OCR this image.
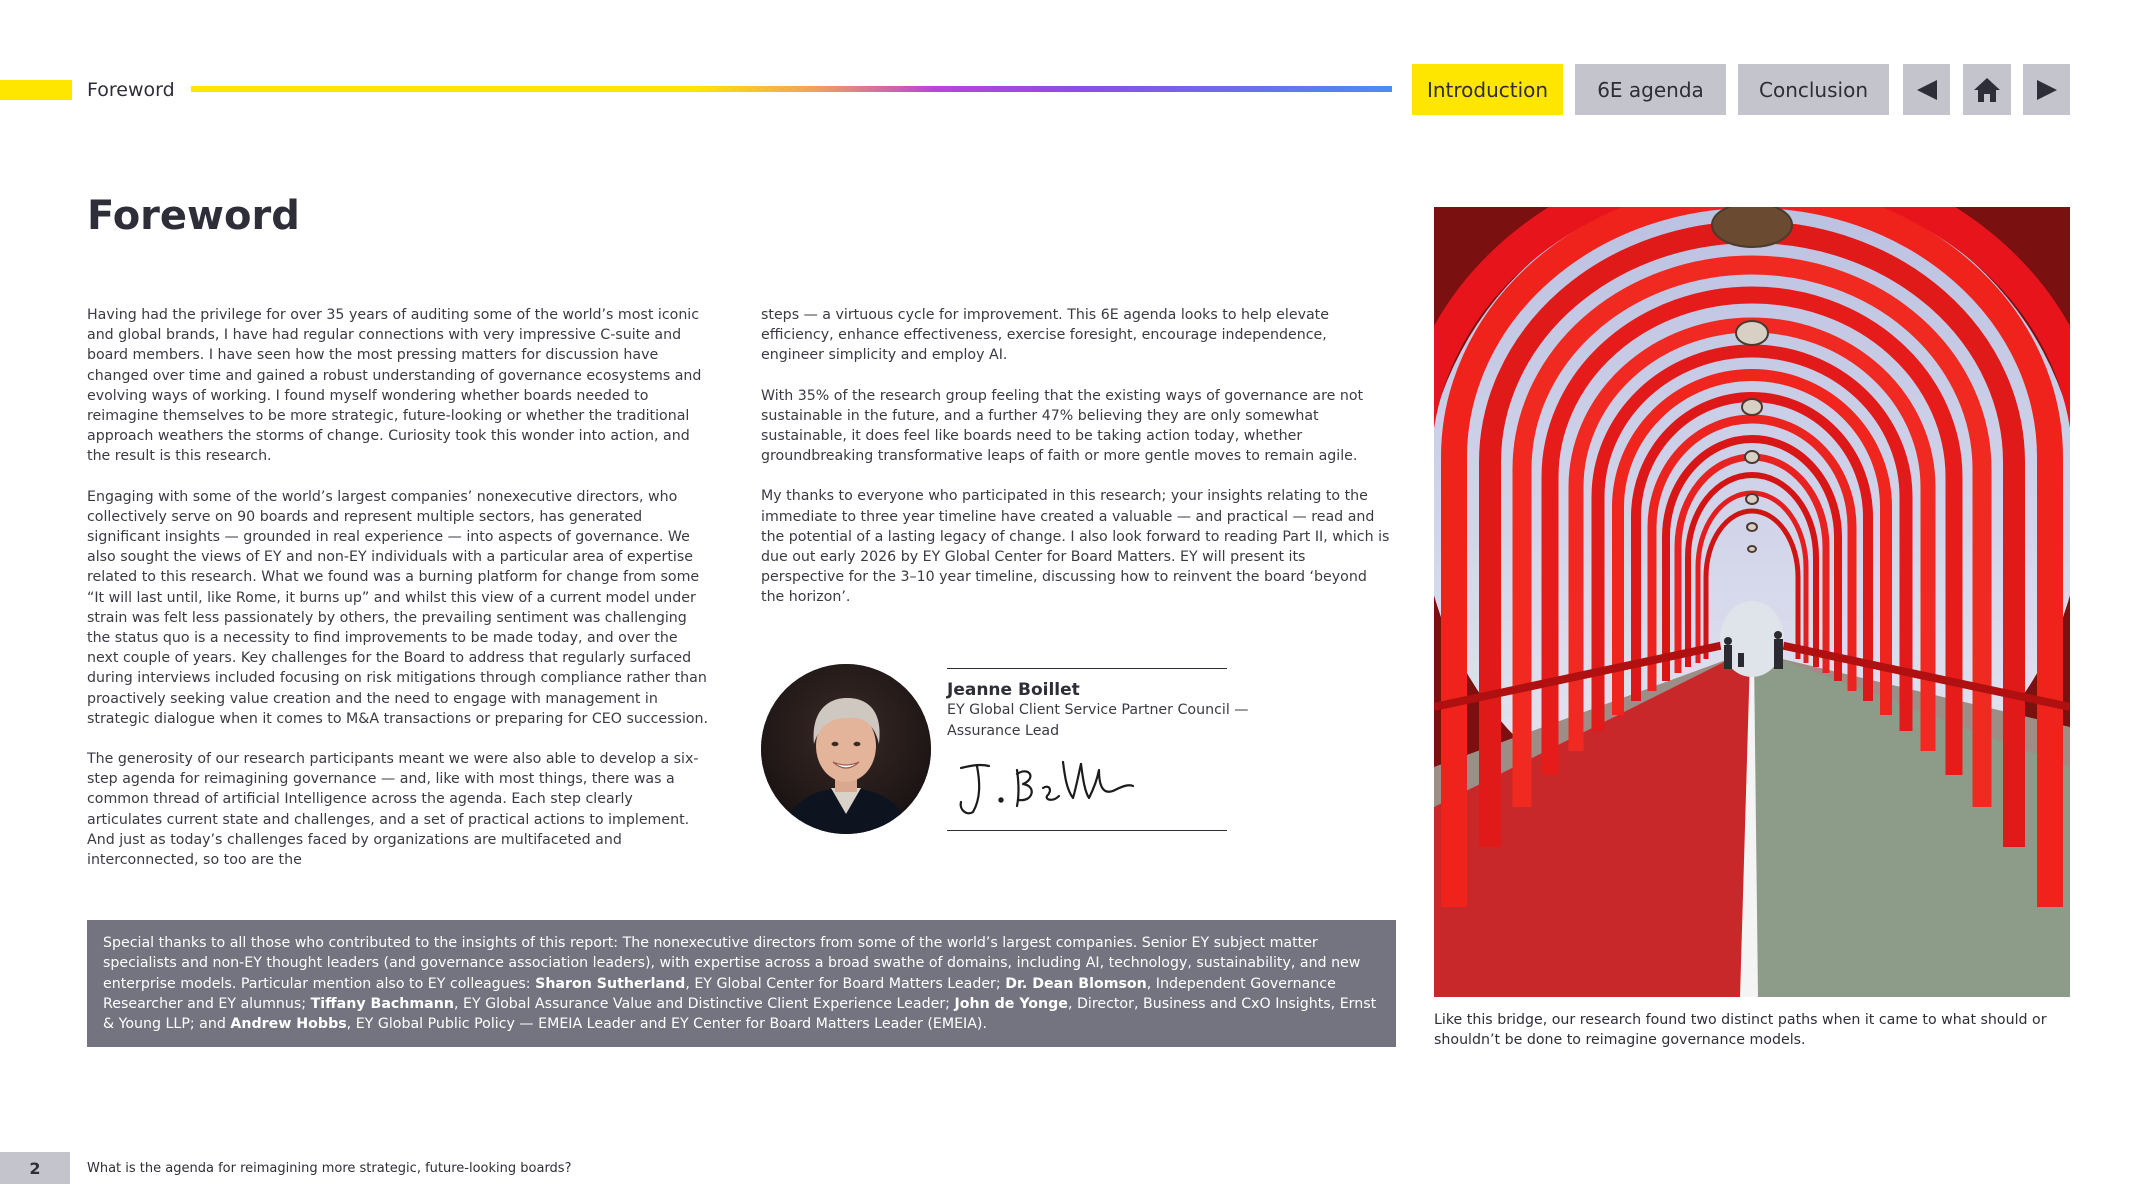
Foreword	Introduction	6E agenda	Conclusion
Foreword

Having had the privilege for over 35 years of auditing some of the world’s most iconic and global brands, I have had regular connections with very impressive C-suite and board members. I have seen how the most pressing matters for discussion have changed over time and gained a robust understanding of governance ecosystems and evolving ways of working. I found myself wondering whether boards needed to reimagine themselves to be more strategic, future-looking or whether the traditional approach weathers the storms of change. Curiosity took this wonder into action, and the result is this research.

Engaging with some of the world’s largest companies’ nonexecutive directors, who collectively serve on 90 boards and represent multiple sectors, has generated significant insights — grounded in real experience — into aspects of governance. We also sought the views of EY and non-EY individuals with a particular area of expertise related to this research. What we found was a burning platform for change from some “It will last until, like Rome, it burns up” and whilst this view of a current model under strain was felt less passionately by others, the prevailing sentiment was challenging the status quo is a necessity to find improvements to be made today, and over the next couple of years. Key challenges for the Board to address that regularly surfaced during interviews included focusing on risk mitigations through compliance rather than proactively seeking value creation and the need to engage with management in strategic dialogue when it comes to M&A transactions or preparing for CEO succession.

The generosity of our research participants meant we were also able to develop a six-step agenda for reimagining governance — and, like with most things, there was a common thread of artificial Intelligence across the agenda. Each step clearly articulates current state and challenges, and a set of practical actions to implement. And just as today’s challenges faced by organizations are multifaceted and interconnected, so too are the

steps — a virtuous cycle for improvement. This 6E agenda looks to help elevate efficiency, enhance effectiveness, exercise foresight, encourage independence, engineer simplicity and employ AI.

With 35% of the research group feeling that the existing ways of governance are not sustainable in the future, and a further 47% believing they are only somewhat sustainable, it does feel like boards need to be taking action today, whether groundbreaking transformative leaps of faith or more gentle moves to remain agile.

My thanks to everyone who participated in this research; your insights relating to the immediate to three year timeline have created a valuable — and practical — read and the potential of a lasting legacy of change. I also look forward to reading Part II, which is due out early 2026 by EY Global Center for Board Matters. EY will present its perspective for the 3–10 year timeline, discussing how to reinvent the board ‘beyond the horizon’.

Jeanne Boillet
EY Global Client Service Partner Council — Assurance Lead
Special thanks to all those who contributed to the insights of this report: The nonexecutive directors from some of the world’s largest companies. Senior EY subject matter specialists and non-EY thought leaders (and governance association leaders), with expertise across a broad swathe of domains, including AI, technology, sustainability, and new enterprise models. Particular mention also to EY colleagues: Sharon Sutherland, EY Global Center for Board Matters Leader; Dr. Dean Blomson, Independent Governance Researcher and EY alumnus; Tiffany Bachmann, EY Global Assurance Value and Distinctive Client Experience Leader; John de Yonge, Director, Business and CxO Insights, Ernst & Young LLP; and Andrew Hobbs, EY Global Public Policy — EMEIA Leader and EY Center for Board Matters Leader (EMEIA).	Like this bridge, our research found two distinct paths when it came to what should or shouldn’t be done to reimagine governance models.
2	What is the agenda for reimagining more strategic, future-looking boards?
